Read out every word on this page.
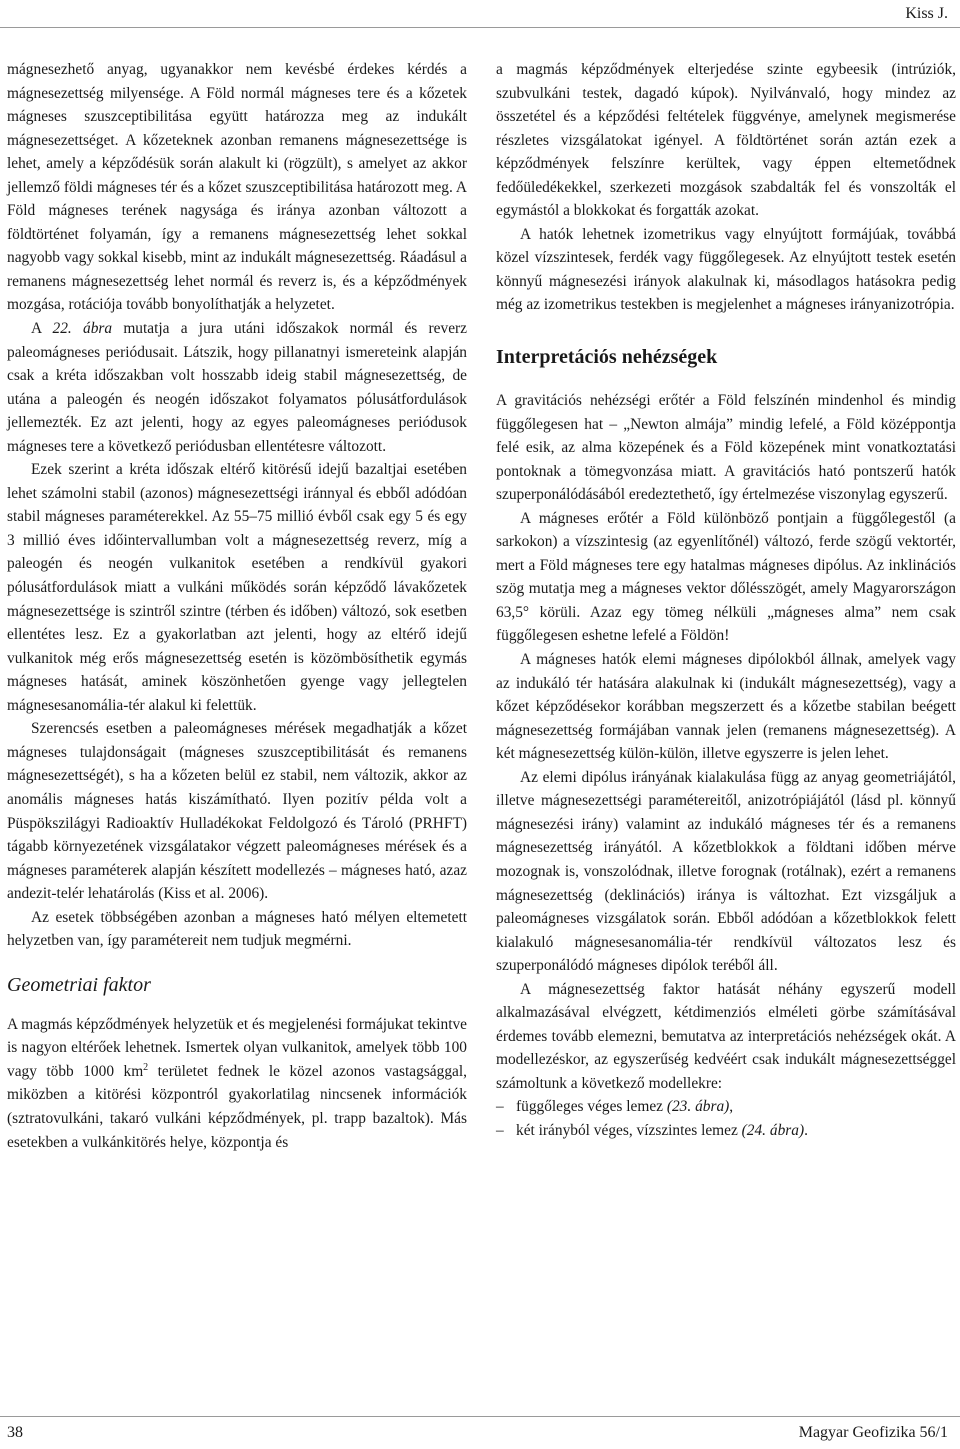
Kiss J.

mágnesezhető anyag, ugyanakkor nem kevésbé érdekes kérdés a mágnesezettség milyensége. A Föld normál mágneses tere és a kőzetek mágneses szuszceptibilitása együtt határozza meg az indukált mágnesezettséget. A kőzeteknek azonban remanens mágnesezettsége is lehet, amely a képződésük során alakult ki (rögzült), s amelyet az akkor jellemző földi mágneses tér és a kőzet szuszceptibilitása határozott meg. A Föld mágneses terének nagysága és iránya azonban változott a földtörténet folyamán, így a remanens mágnesezettség lehet sokkal nagyobb vagy sokkal kisebb, mint az indukált mágnesezettség. Ráadásul a remanens mágnesezettség lehet normál és reverz is, és a képződmények mozgása, rotációja tovább bonyolíthatják a helyzetet.

A 22. ábra mutatja a jura utáni időszakok normál és reverz paleomágneses periódusait. Látszik, hogy pillanatnyi ismereteink alapján csak a kréta időszakban volt hosszabb ideig stabil mágnesezettség, de utána a paleogén és neogén időszakot folyamatos pólusátfordulások jellemezték. Ez azt jelenti, hogy az egyes paleomágneses periódusok mágneses tere a következő periódusban ellentétesre változott.

Ezek szerint a kréta időszak eltérő kitörésű idejű bazaltjai esetében lehet számolni stabil (azonos) mágnesezettségi iránnyal és ebből adódóan stabil mágneses paraméterekkel. Az 55–75 millió évből csak egy 5 és egy 3 millió éves időintervallumban volt a mágnesezettség reverz, míg a paleogén és neogén vulkanitok esetében a rendkívül gyakori pólusátfordulások miatt a vulkáni működés során képződő lávakőzetek mágnesezettsége is szintről szintre (térben és időben) változó, sok esetben ellentétes lesz. Ez a gyakorlatban azt jelenti, hogy az eltérő idejű vulkanitok még erős mágnesezettség esetén is közömbösíthetik egymás mágneses hatását, aminek köszönhetően gyenge vagy jellegtelen mágnesesanomália-tér alakul ki felettük.

Szerencsés esetben a paleomágneses mérések megadhatják a kőzet mágneses tulajdonságait (mágneses szuszceptibilitását és remanens mágnesezettségét), s ha a kőzeten belül ez stabil, nem változik, akkor az anomális mágneses hatás kiszámítható. Ilyen pozitív példa volt a Püspökszilágyi Radioaktív Hulladékokat Feldolgozó és Tároló (PRHFT) tágabb környezetének vizsgálatakor végzett paleomágneses mérések és a mágneses paraméterek alapján készített modellezés – mágneses ható, azaz andezit-telér lehatárolás (Kiss et al. 2006).

Az esetek többségében azonban a mágneses ható mélyen eltemetett helyzetben van, így paramétereit nem tudjuk megmérni.

Geometriai faktor

A magmás képződmények helyzetük et és megjelenési formájukat tekintve is nagyon eltérőek lehetnek. Ismertek olyan vulkanitok, amelyek több 100 vagy több 1000 $km^2$ területet fednek le közel azonos vastagsággal, miközben a kitörési központról gyakorlatilag nincsenek információk (sztratovulkáni, takaró vulkáni képződmények, pl. trapp bazaltok). Más esetekben a vulkánkitörés helye, központja és

a magmás képződmények elterjedése szinte egybeesik (intrúziók, szubvulkáni testek, dagadó kúpok). Nyilvánvaló, hogy mindez az összetétel és a képződési feltételek függvénye, amelynek megismerése részletes vizsgálatokat igényel. A földtörténet során aztán ezek a képződmények felszínre kerültek, vagy éppen eltemetődnek fedőüledékekkel, szerkezeti mozgások szabdalták fel és vonszolták el egymástól a blokkokat és forgatták azokat.

A hatók lehetnek izometrikus vagy elnyújtott formájúak, továbbá közel vízszintesek, ferdék vagy függőlegesek. Az elnyújtott testek esetén könnyű mágnesezési irányok alakulnak ki, másodlagos hatásokra pedig még az izometrikus testekben is megjelenhet a mágneses irányanizotrópia.

Interpretációs nehézségek

A gravitációs nehézségi erőtér a Föld felszínén mindenhol és mindig függőlegesen hat – „Newton almája” mindig lefelé, a Föld középpontja felé esik, az alma közepének és a Föld közepének mint vonatkoztatási pontoknak a tömegvonzása miatt. A gravitációs ható pontszerű hatók szuperponálódásából eredeztethető, így értelmezése viszonylag egyszerű.

A mágneses erőtér a Föld különböző pontjain a függőlegestől (a sarkokon) a vízszintesig (az egyenlítőnél) változó, ferde szögű vektortér, mert a Föld mágneses tere egy hatalmas mágneses dipólus. Az inklinációs szög mutatja meg a mágneses vektor dőlésszögét, amely Magyarországon 63,5° körüli. Azaz egy tömeg nélküli „mágneses alma” nem csak függőlegesen eshetne lefelé a Földön!

A mágneses hatók elemi mágneses dipólokból állnak, amelyek vagy az indukáló tér hatására alakulnak ki (indukált mágnesezettség), vagy a kőzet képződésekor korábban megszerzett és a kőzetbe stabilan beégett mágnesezettség formájában vannak jelen (remanens mágnesezettség). A két mágnesezettség külön-külön, illetve egyszerre is jelen lehet.

Az elemi dipólus irányának kialakulása függ az anyag geometriájától, illetve mágnesezettségi paramétereitől, anizotrópiájától (lásd pl. könnyű mágnesezési irány) valamint az indukáló mágneses tér és a remanens mágnesezettség irányától. A kőzetblokkok a földtani időben mérve mozognak is, vonszolódnak, illetve forognak (rotálnak), ezért a remanens mágnesezettség (deklinációs) iránya is változhat. Ezt vizsgáljuk a paleomágneses vizsgálatok során. Ebből adódóan a kőzetblokkok felett kialakuló mágnesesanomália-tér rendkívül változatos lesz és szuperponálódó mágneses dipólok teréből áll.

A mágnesezettség faktor hatását néhány egyszerű modell alkalmazásával elvégzett, kétdimenziós elméleti görbe számításával érdemes tovább elemezni, bemutatva az interpretációs nehézségek okát. A modellezéskor, az egyszerűség kedvéért csak indukált mágnesezettséggel számoltunk a következő modellekre:

– függőleges véges lemez (23. ábra),
– két irányból véges, vízszintes lemez (24. ábra).
38	Magyar Geofizika 56/1
